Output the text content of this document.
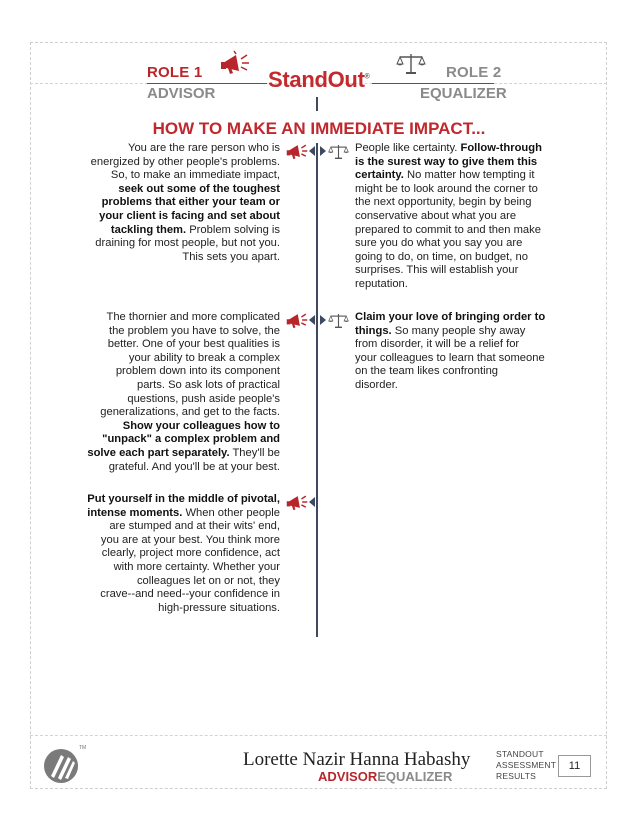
ROLE 1
ADVISOR
StandOut®	ROLE 2
EQUALIZER
HOW TO MAKE AN IMMEDIATE IMPACT...
You are the rare person who is
energized by other people's problems.
So, to make an immediate impact,
seek out some of the toughest
problems that either your team or
your client is facing and set about
tackling them. Problem solving is
draining for most people, but not you.
This sets you apart.
People like certainty. Follow-through
is the surest way to give them this
certainty. No matter how tempting it
might be to look around the corner to
the next opportunity, begin by being
conservative about what you are
prepared to commit to and then make
sure you do what you say you are
going to do, on time, on budget, no
surprises. This will establish your
reputation.
The thornier and more complicated
the problem you have to solve, the
better. One of your best qualities is
your ability to break a complex
problem down into its component
parts. So ask lots of practical
questions, push aside people's
generalizations, and get to the facts.
Show your colleagues how to
"unpack" a complex problem and
solve each part separately. They'll be
grateful. And you'll be at your best.
Claim your love of bringing order to
things. So many people shy away
from disorder, it will be a relief for
your colleagues to learn that someone
on the team likes confronting
disorder.
Put yourself in the middle of pivotal,
intense moments. When other people
are stumped and at their wits' end,
you are at your best. You think more
clearly, project more confidence, act
with more certainty. Whether your
colleagues let on or not, they
crave--and need--your confidence in
high-pressure situations.
TM
Lorette Nazir Hanna Habashy
ADVISOREQUALIZER
STANDOUT
ASSESSMENT
RESULTS
11
